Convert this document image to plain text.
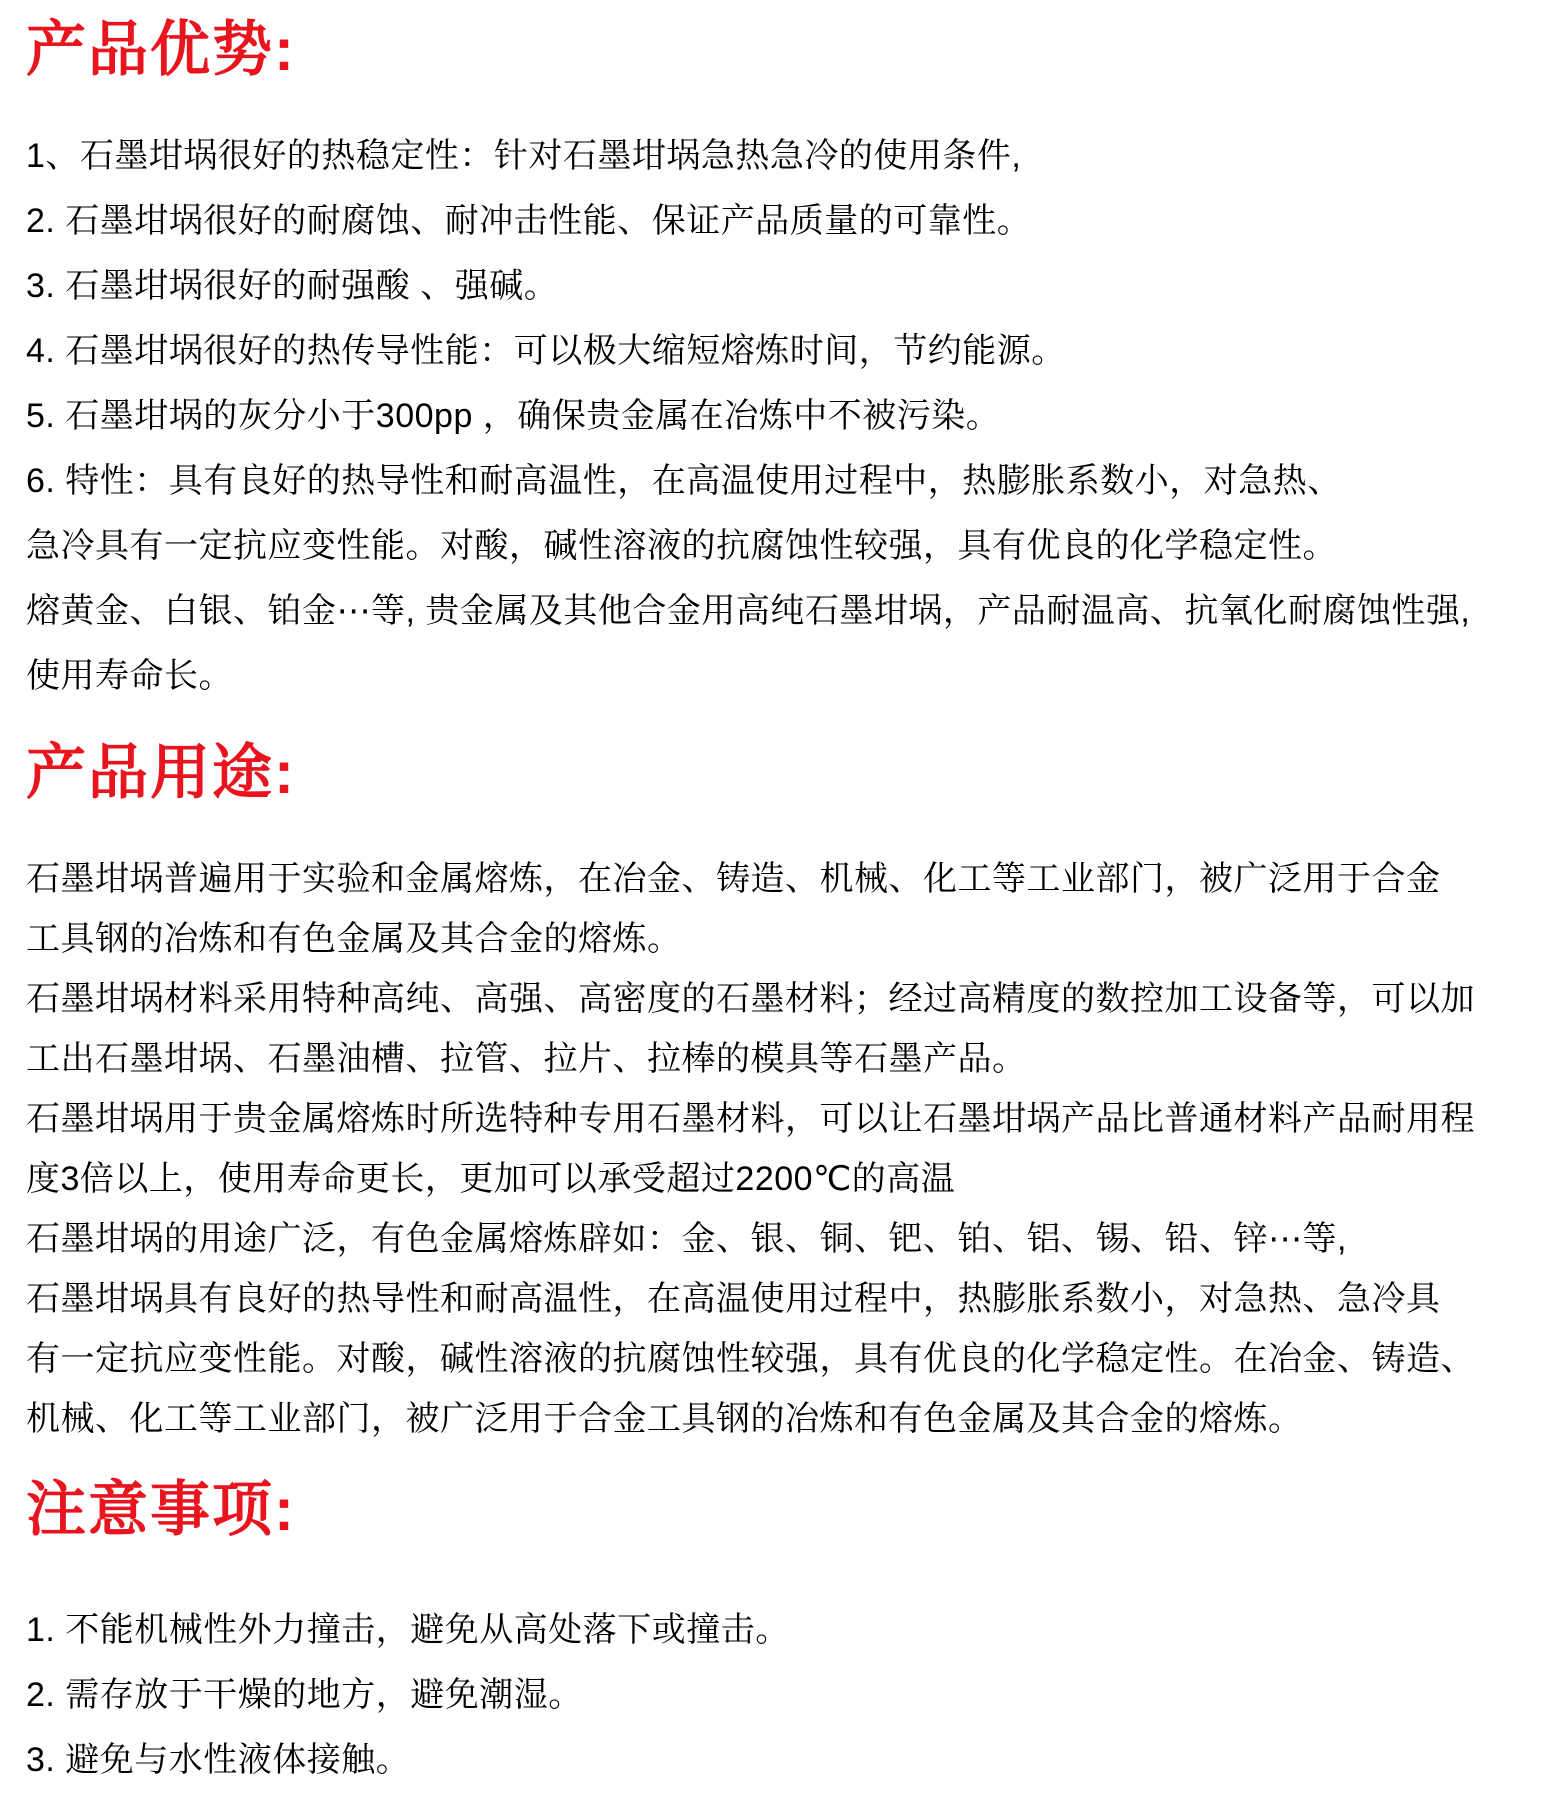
产品优势:

1、石墨坩埚很好的热稳定性：针对石墨坩埚急热急冷的使用条件,

2. 石墨坩埚很好的耐腐蚀、耐冲击性能、保证产品质量的可靠性。

3. 石墨坩埚很好的耐强酸 、强碱。

4. 石墨坩埚很好的热传导性能：可以极大缩短熔炼时间，节约能源。

5. 石墨坩埚的灰分小于300pp ，确保贵金属在冶炼中不被污染。

6. 特性：具有良好的热导性和耐高温性，在高温使用过程中，热膨胀系数小，对急热、

急冷具有一定抗应变性能。对酸，碱性溶液的抗腐蚀性较强，具有优良的化学稳定性。

熔黄金、白银、铂金⋯等, 贵金属及其他合金用高纯石墨坩埚，产品耐温高、抗氧化耐腐蚀性强,

使用寿命长。

产品用途:

石墨坩埚普遍用于实验和金属熔炼，在冶金、铸造、机械、化工等工业部门，被广泛用于合金

工具钢的冶炼和有色金属及其合金的熔炼。

石墨坩埚材料采用特种高纯、高强、高密度的石墨材料；经过高精度的数控加工设备等，可以加

工出石墨坩埚、石墨油槽、拉管、拉片、拉棒的模具等石墨产品。

石墨坩埚用于贵金属熔炼时所选特种专用石墨材料，可以让石墨坩埚产品比普通材料产品耐用程

度3倍以上，使用寿命更长，更加可以承受超过2200℃的高温

石墨坩埚的用途广泛，有色金属熔炼辟如：金、银、铜、钯、铂、铝、锡、铅、锌⋯等,

石墨坩埚具有良好的热导性和耐高温性，在高温使用过程中，热膨胀系数小，对急热、急冷具

有一定抗应变性能。对酸，碱性溶液的抗腐蚀性较强，具有优良的化学稳定性。在冶金、铸造、

机械、化工等工业部门，被广泛用于合金工具钢的冶炼和有色金属及其合金的熔炼。

注意事项:

1. 不能机械性外力撞击，避免从高处落下或撞击。

2. 需存放于干燥的地方，避免潮湿。

3. 避免与水性液体接触。
